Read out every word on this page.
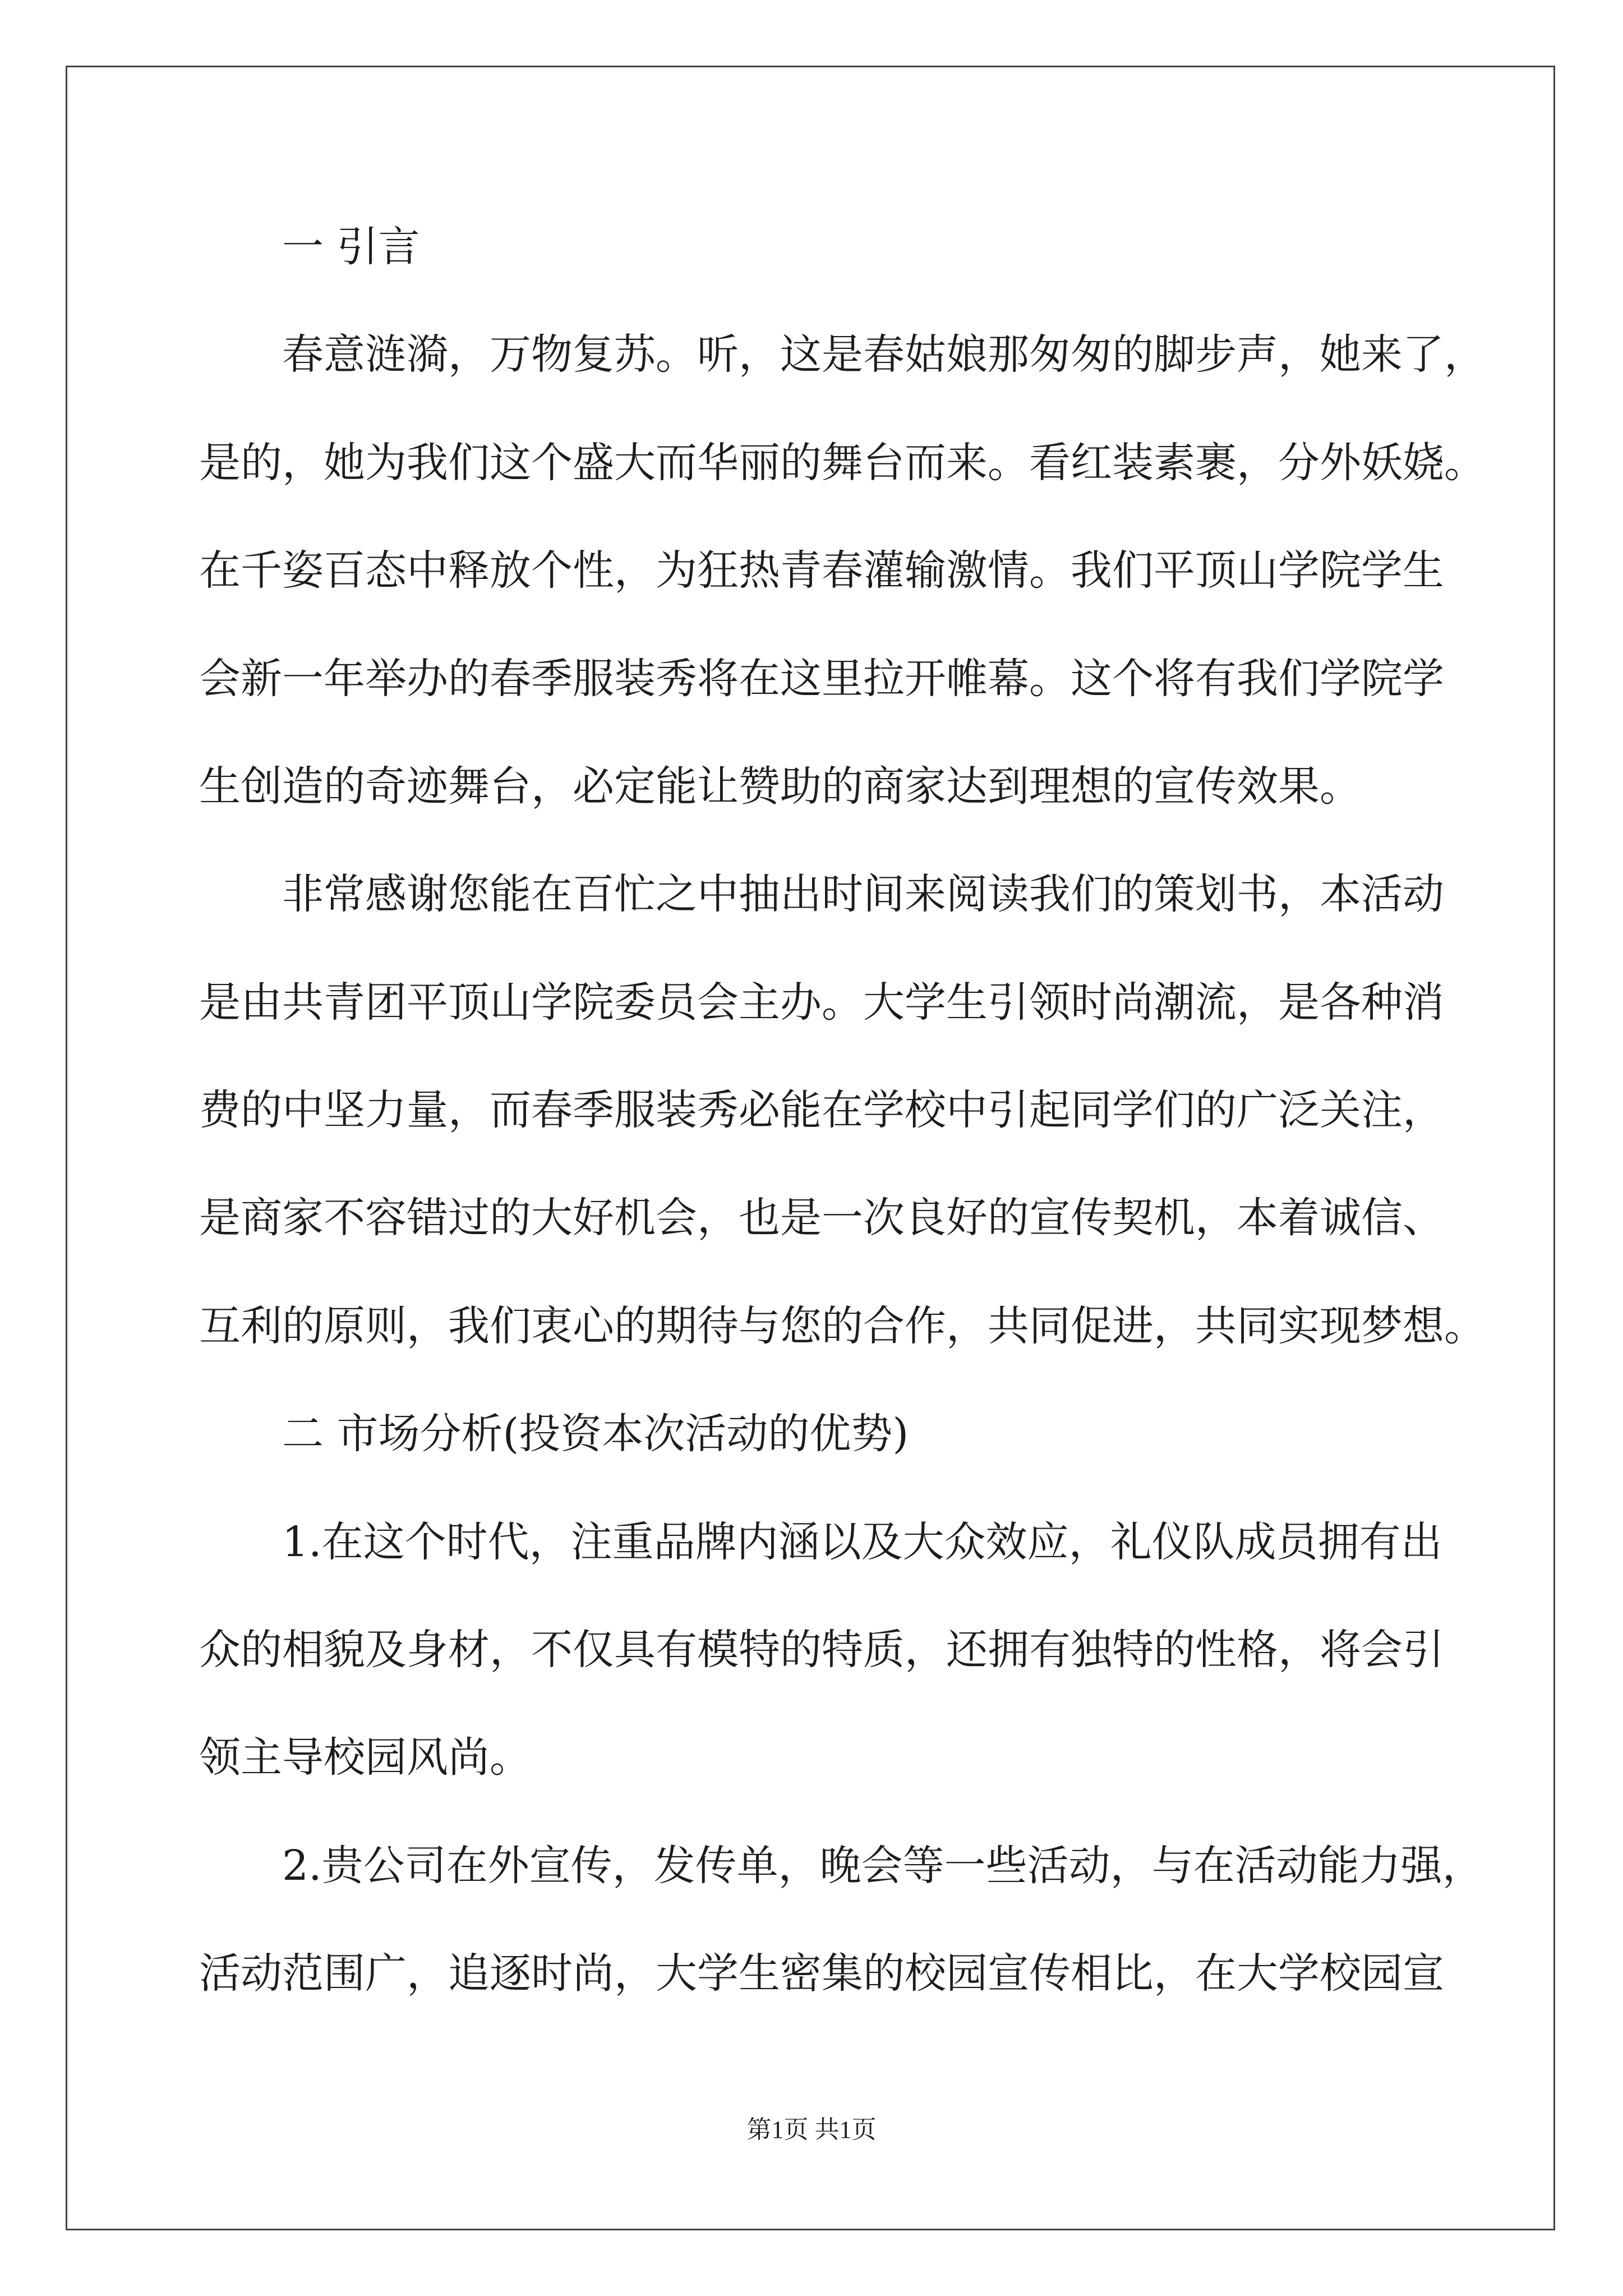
一 引言
春意涟漪，万物复苏。听，这是春姑娘那匆匆的脚步声，她来了，
是的，她为我们这个盛大而华丽的舞台而来。看红装素裹，分外妖娆。
在千姿百态中释放个性，为狂热青春灌输激情。我们平顶山学院学生
会新一年举办的春季服装秀将在这里拉开帷幕。这个将有我们学院学
生创造的奇迹舞台，必定能让赞助的商家达到理想的宣传效果。
非常感谢您能在百忙之中抽出时间来阅读我们的策划书，本活动
是由共青团平顶山学院委员会主办。大学生引领时尚潮流，是各种消
费的中坚力量，而春季服装秀必能在学校中引起同学们的广泛关注，
是商家不容错过的大好机会，也是一次良好的宣传契机，本着诚信、
互利的原则，我们衷心的期待与您的合作，共同促进，共同实现梦想。
二 市场分析(投资本次活动的优势)
1.在这个时代，注重品牌内涵以及大众效应，礼仪队成员拥有出
众的相貌及身材，不仅具有模特的特质，还拥有独特的性格，将会引
领主导校园风尚。
2.贵公司在外宣传，发传单，晚会等一些活动，与在活动能力强，
活动范围广，追逐时尚，大学生密集的校园宣传相比，在大学校园宣
第1页 共1页
